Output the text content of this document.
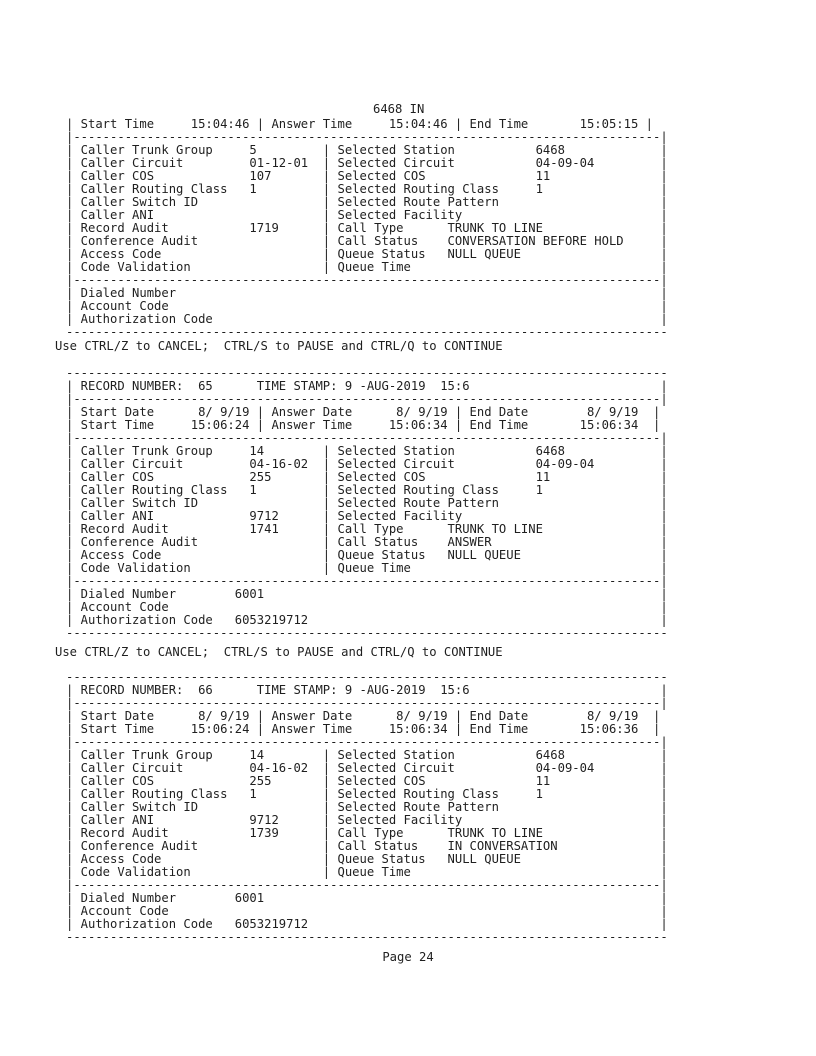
6468 IN
| Start Time     15:04:46 | Answer Time     15:04:46 | End Time       15:05:15 |
|--------------------------------------------------------------------------------|
| Caller Trunk Group     5         | Selected Station           6468             |
| Caller Circuit         01-12-01  | Selected Circuit           04-09-04         |
| Caller COS             107       | Selected COS               11               |
| Caller Routing Class   1         | Selected Routing Class     1                |
| Caller Switch ID                 | Selected Route Pattern                      |
| Caller ANI                       | Selected Facility                           |
| Record Audit           1719      | Call Type      TRUNK TO LINE                |
| Conference Audit                 | Call Status    CONVERSATION BEFORE HOLD     |
| Access Code                      | Queue Status   NULL QUEUE                   |
| Code Validation                  | Queue Time                                  |
|--------------------------------------------------------------------------------|
| Dialed Number                                                                  |
| Account Code                                                                   |
| Authorization Code                                                             |
----------------------------------------------------------------------------------
Use CTRL/Z to CANCEL;  CTRL/S to PAUSE and CTRL/Q to CONTINUE
----------------------------------------------------------------------------------
| RECORD NUMBER:  65      TIME STAMP: 9 -AUG-2019  15:6                          |
|--------------------------------------------------------------------------------|
| Start Date      8/ 9/19 | Answer Date      8/ 9/19 | End Date        8/ 9/19  |
| Start Time     15:06:24 | Answer Time     15:06:34 | End Time       15:06:34  |
|--------------------------------------------------------------------------------|
| Caller Trunk Group     14        | Selected Station           6468             |
| Caller Circuit         04-16-02  | Selected Circuit           04-09-04         |
| Caller COS             255       | Selected COS               11               |
| Caller Routing Class   1         | Selected Routing Class     1                |
| Caller Switch ID                 | Selected Route Pattern                      |
| Caller ANI             9712      | Selected Facility                           |
| Record Audit           1741      | Call Type      TRUNK TO LINE                |
| Conference Audit                 | Call Status    ANSWER                       |
| Access Code                      | Queue Status   NULL QUEUE                   |
| Code Validation                  | Queue Time                                  |
|--------------------------------------------------------------------------------|
| Dialed Number        6001                                                      |
| Account Code                                                                   |
| Authorization Code   6053219712                                                |
----------------------------------------------------------------------------------
Use CTRL/Z to CANCEL;  CTRL/S to PAUSE and CTRL/Q to CONTINUE
----------------------------------------------------------------------------------
| RECORD NUMBER:  66      TIME STAMP: 9 -AUG-2019  15:6                          |
|--------------------------------------------------------------------------------|
| Start Date      8/ 9/19 | Answer Date      8/ 9/19 | End Date        8/ 9/19  |
| Start Time     15:06:24 | Answer Time     15:06:34 | End Time       15:06:36  |
|--------------------------------------------------------------------------------|
| Caller Trunk Group     14        | Selected Station           6468             |
| Caller Circuit         04-16-02  | Selected Circuit           04-09-04         |
| Caller COS             255       | Selected COS               11               |
| Caller Routing Class   1         | Selected Routing Class     1                |
| Caller Switch ID                 | Selected Route Pattern                      |
| Caller ANI             9712      | Selected Facility                           |
| Record Audit           1739      | Call Type      TRUNK TO LINE                |
| Conference Audit                 | Call Status    IN CONVERSATION              |
| Access Code                      | Queue Status   NULL QUEUE                   |
| Code Validation                  | Queue Time                                  |
|--------------------------------------------------------------------------------|
| Dialed Number        6001                                                      |
| Account Code                                                                   |
| Authorization Code   6053219712                                                |
----------------------------------------------------------------------------------
Page 24
